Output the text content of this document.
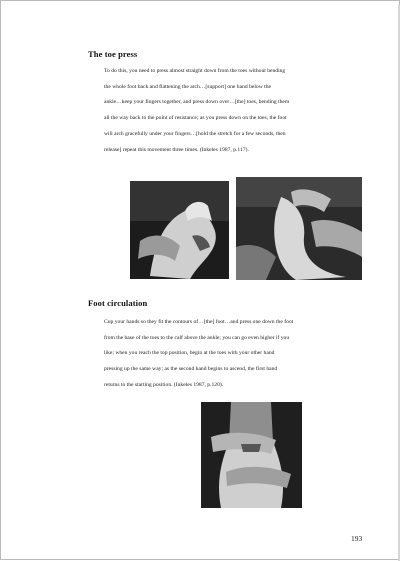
The toe press
To do this, you need to press almost straight down from the toes without bending
the whole foot back and flattening the arch…[support] one hand below the
ankle…keep your fingers together, and press down over…[the] toes, bending them
all the way back to the point of resistance; as you press down on the toes, the foot
will arch gracefully under your fingers…[hold the stretch for a few seconds, then
release] repeat this movement three times. (Inkeles 1987, p.117).
Foot circulation
Cup your hands so they fit the contours of…[the] foot…and press one down the foot
from the base of the toes to the calf above the ankle; you can go even higher if you
like; when you reach the top position, begin at the toes with your other hand
pressing up the same way; as the second hand begins to ascend, the first hand
returns to the starting position. (Inkeles 1987, p.120).
193
